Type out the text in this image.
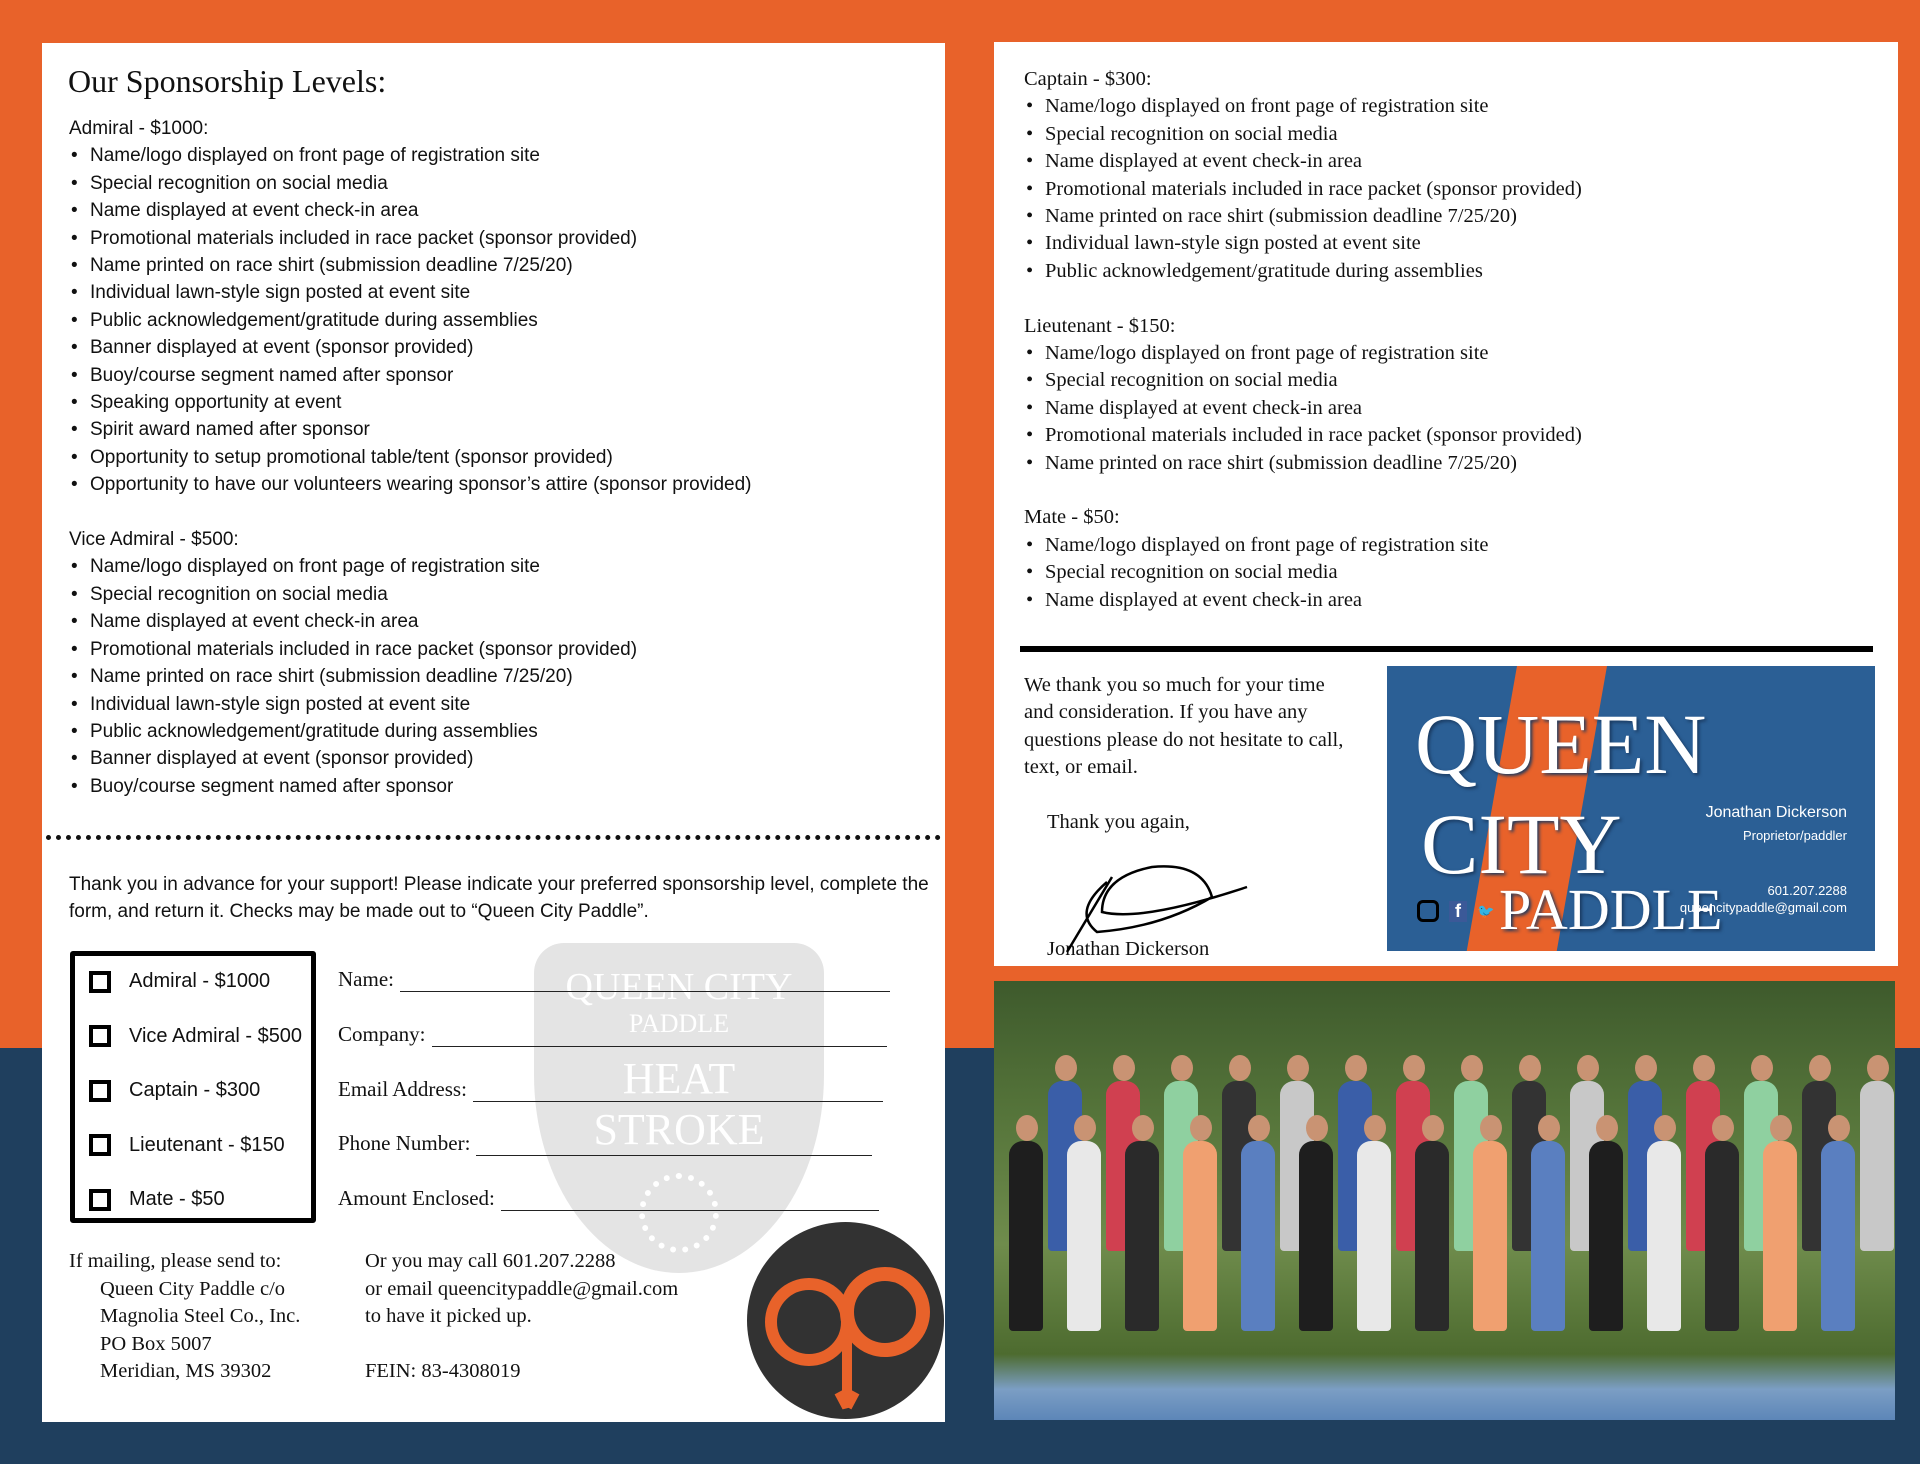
Our Sponsorship Levels:
Admiral - $1000:
• Name/logo displayed on front page of registration site
• Special recognition on social media
• Name displayed at event check-in area
• Promotional materials included in race packet (sponsor provided)
• Name printed on race shirt (submission deadline 7/25/20)
• Individual lawn-style sign posted at event site
• Public acknowledgement/gratitude during assemblies
• Banner displayed at event (sponsor provided)
• Buoy/course segment named after sponsor
• Speaking opportunity at event
• Spirit award named after sponsor
• Opportunity to setup promotional table/tent (sponsor provided)
• Opportunity to have our volunteers wearing sponsor’s attire (sponsor provided)
Vice Admiral - $500:
• Name/logo displayed on front page of registration site
• Special recognition on social media
• Name displayed at event check-in area
• Promotional materials included in race packet (sponsor provided)
• Name printed on race shirt (submission deadline 7/25/20)
• Individual lawn-style sign posted at event site
• Public acknowledgement/gratitude during assemblies
• Banner displayed at event (sponsor provided)
• Buoy/course segment named after sponsor
Thank you in advance for your support! Please indicate your preferred sponsorship level, complete the form, and return it. Checks may be made out to “Queen City Paddle”.
QUEEN CITY
PADDLE
HEAT STROKE
Admiral - $1000
Vice Admiral - $500
Captain - $300
Lieutenant - $150
Mate - $50
Name:
Company:
Email Address:
Phone Number:
Amount Enclosed:
If mailing, please send to:
Queen City Paddle c/o
Magnolia Steel Co., Inc.
PO Box 5007
Meridian, MS 39302
Or you may call 601.207.2288
or email queencitypaddle@gmail.com
to have it picked up.
FEIN: 83-4308019
Captain - $300:
• Name/logo displayed on front page of registration site
• Special recognition on social media
• Name displayed at event check-in area
• Promotional materials included in race packet (sponsor provided)
• Name printed on race shirt (submission deadline 7/25/20)
• Individual lawn-style sign posted at event site
• Public acknowledgement/gratitude during assemblies
Lieutenant - $150:
• Name/logo displayed on front page of registration site
• Special recognition on social media
• Name displayed at event check-in area
• Promotional materials included in race packet (sponsor provided)
• Name printed on race shirt (submission deadline 7/25/20)
Mate - $50:
• Name/logo displayed on front page of registration site
• Special recognition on social media
• Name displayed at event check-in area
We thank you so much for your time and consideration. If you have any questions please do not hesitate to call, text, or email.
Thank you again,
Jonathan Dickerson
QUEEN CITY
PADDLE
Jonathan Dickerson
Proprietor/paddler
601.207.2288
queencitypaddle@gmail.com
f	🐦
